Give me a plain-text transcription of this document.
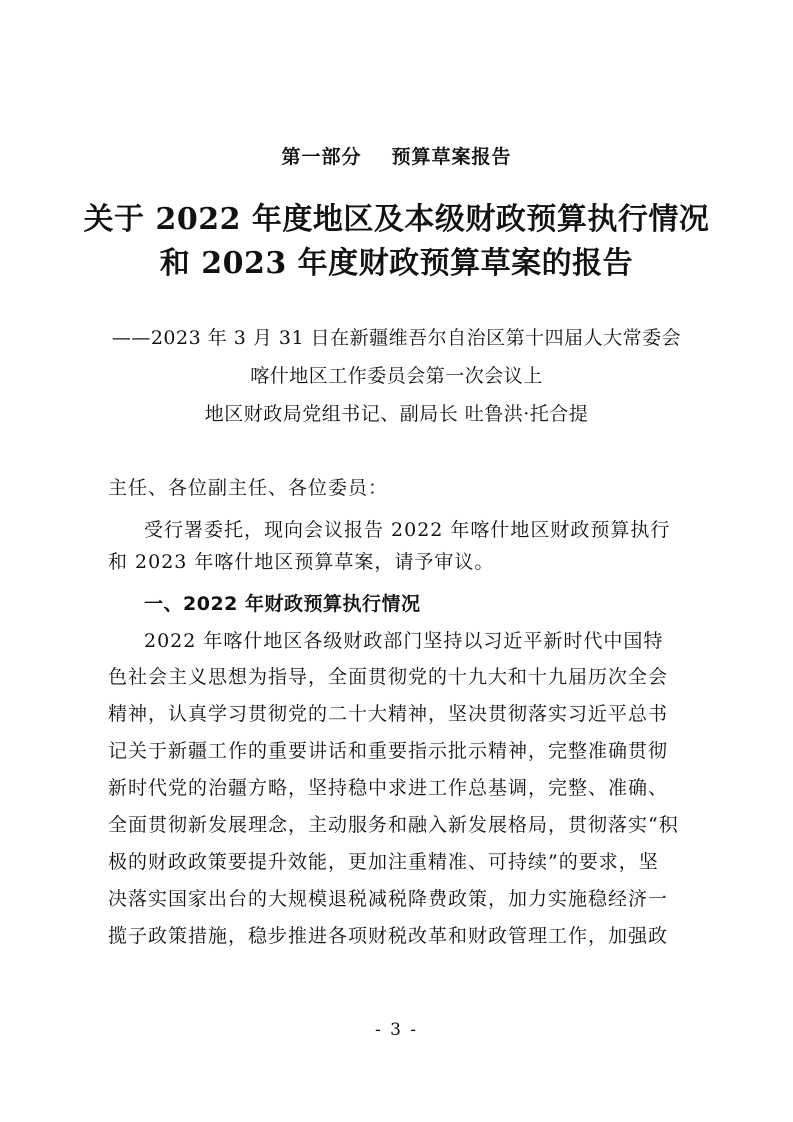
第一部分 预算草案报告
关于 2022 年度地区及本级财政预算执行情况
和 2023 年度财政预算草案的报告
——2023 年 3 月 31 日在新疆维吾尔自治区第十四届人大常委会
喀什地区工作委员会第一次会议上
地区财政局党组书记、副局长 吐鲁洪·托合提
主任、各位副主任、各位委员：
受行署委托，现向会议报告 2022 年喀什地区财政预算执行
和 2023 年喀什地区预算草案，请予审议。
一、2022 年财政预算执行情况
2022 年喀什地区各级财政部门坚持以习近平新时代中国特
色社会主义思想为指导，全面贯彻党的十九大和十九届历次全会
精神，认真学习贯彻党的二十大精神，坚决贯彻落实习近平总书
记关于新疆工作的重要讲话和重要指示批示精神，完整准确贯彻
新时代党的治疆方略，坚持稳中求进工作总基调，完整、准确、
全面贯彻新发展理念，主动服务和融入新发展格局，贯彻落实“积
极的财政政策要提升效能，更加注重精准、可持续”的要求，坚
决落实国家出台的大规模退税减税降费政策，加力实施稳经济一
揽子政策措施，稳步推进各项财税改革和财政管理工作，加强政
- 3 -
